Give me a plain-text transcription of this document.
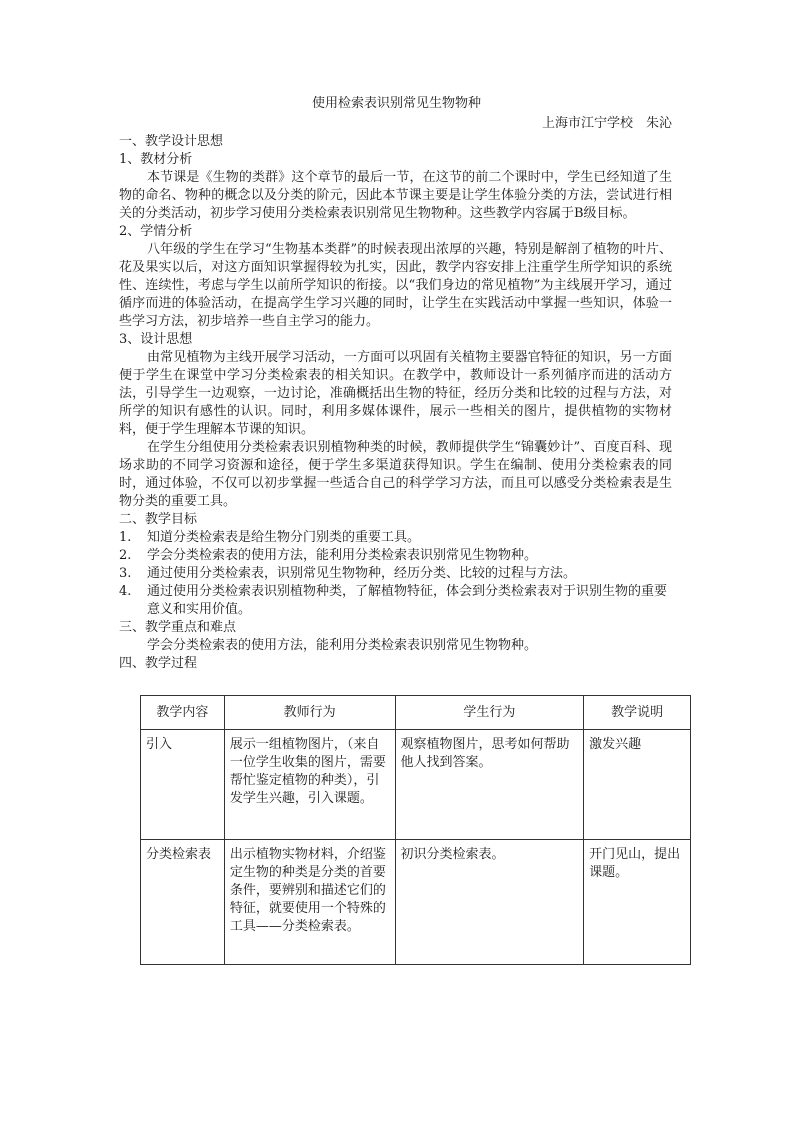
使用检索表识别常见生物物种
上海市江宁学校　朱沁

一、教学设计思想

1、教材分析

本节课是《生物的类群》这个章节的最后一节，在这节的前二个课时中，学生已经知道了生物的命名、物种的概念以及分类的阶元，因此本节课主要是让学生体验分类的方法，尝试进行相关的分类活动，初步学习使用分类检索表识别常见生物物种。这些教学内容属于B级目标。

2、学情分析

八年级的学生在学习“生物基本类群”的时候表现出浓厚的兴趣，特别是解剖了植物的叶片、花及果实以后，对这方面知识掌握得较为扎实，因此，教学内容安排上注重学生所学知识的系统性、连续性，考虑与学生以前所学知识的衔接。以“我们身边的常见植物”为主线展开学习，通过循序而进的体验活动，在提高学生学习兴趣的同时，让学生在实践活动中掌握一些知识，体验一些学习方法，初步培养一些自主学习的能力。

3、设计思想

由常见植物为主线开展学习活动，一方面可以巩固有关植物主要器官特征的知识，另一方面便于学生在课堂中学习分类检索表的相关知识。在教学中，教师设计一系列循序而进的活动方法，引导学生一边观察，一边讨论，准确概括出生物的特征，经历分类和比较的过程与方法，对所学的知识有感性的认识。同时，利用多媒体课件，展示一些相关的图片，提供植物的实物材料，便于学生理解本节课的知识。

在学生分组使用分类检索表识别植物种类的时候，教师提供学生“锦囊妙计”、百度百科、现场求助的不同学习资源和途径，便于学生多渠道获得知识。学生在编制、使用分类检索表的同时，通过体验，不仅可以初步掌握一些适合自己的科学学习方法，而且可以感受分类检索表是生物分类的重要工具。

二、教学目标

1. 知道分类检索表是给生物分门别类的重要工具。
2. 学会分类检索表的使用方法，能利用分类检索表识别常见生物物种。
3. 通过使用分类检索表，识别常见生物物种，经历分类、比较的过程与方法。
4. 通过使用分类检索表识别植物种类，了解植物特征，体会到分类检索表对于识别生物的重要意义和实用价值。

三、教学重点和难点

学会分类检索表的使用方法，能利用分类检索表识别常见生物物种。

四、教学过程

教学内容	教师行为	学生行为	教学说明
引入	展示一组植物图片，（来自一位学生收集的图片，需要帮忙鉴定植物的种类），引发学生兴趣，引入课题。	观察植物图片，思考如何帮助他人找到答案。	激发兴趣
分类检索表	出示植物实物材料，介绍鉴定生物的种类是分类的首要条件，要辨别和描述它们的特征，就要使用一个特殊的工具——分类检索表。	初识分类检索表。	开门见山，提出课题。
